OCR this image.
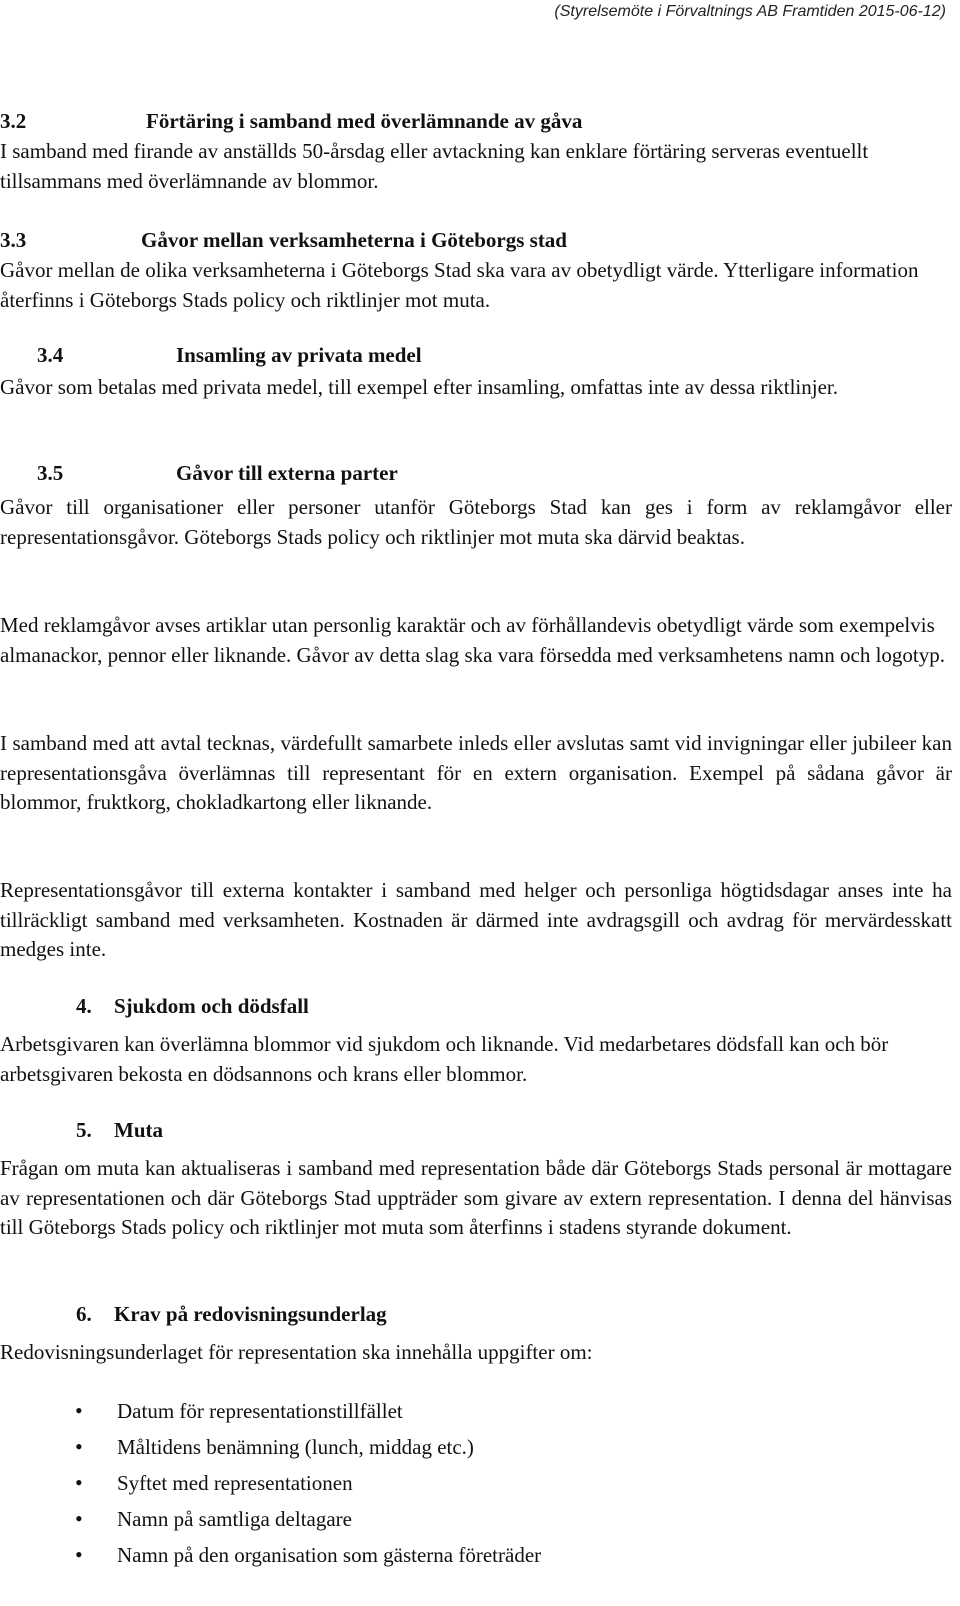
(Styrelsemöte i Förvaltnings AB Framtiden 2015-06-12)
3.2	Förtäring i samband med överlämnande av gåva

I samband med firande av anställds 50-årsdag eller avtackning kan enklare förtäring serveras eventuellt tillsammans med överlämnande av blommor.

3.3	Gåvor mellan verksamheterna i Göteborgs stad

Gåvor mellan de olika verksamheterna i Göteborgs Stad ska vara av obetydligt värde. Ytterligare information återfinns i Göteborgs Stads policy och riktlinjer mot muta.

3.4	Insamling av privata medel

Gåvor som betalas med privata medel, till exempel efter insamling, omfattas inte av dessa riktlinjer.

3.5	Gåvor till externa parter

Gåvor till organisationer eller personer utanför Göteborgs Stad kan ges i form av reklamgåvor eller representationsgåvor. Göteborgs Stads policy och riktlinjer mot muta ska därvid beaktas.

Med reklamgåvor avses artiklar utan personlig karaktär och av förhållandevis obetydligt värde som exempelvis almanackor, pennor eller liknande. Gåvor av detta slag ska vara försedda med verksamhetens namn och logotyp.

I samband med att avtal tecknas, värdefullt samarbete inleds eller avslutas samt vid invigningar eller jubileer kan representationsgåva överlämnas till representant för en extern organisation. Exempel på sådana gåvor är blommor, fruktkorg, chokladkartong eller liknande.

Representationsgåvor till externa kontakter i samband med helger och personliga högtidsdagar anses inte ha tillräckligt samband med verksamheten. Kostnaden är därmed inte avdragsgill och avdrag för mervärdesskatt medges inte.

4. Sjukdom och dödsfall

Arbetsgivaren kan överlämna blommor vid sjukdom och liknande. Vid medarbetares dödsfall kan och bör arbetsgivaren bekosta en dödsannons och krans eller blommor.

5. Muta

Frågan om muta kan aktualiseras i samband med representation både där Göteborgs Stads personal är mottagare av representationen och där Göteborgs Stad uppträder som givare av extern representation. I denna del hänvisas till Göteborgs Stads policy och riktlinjer mot muta som återfinns i stadens styrande dokument.

6. Krav på redovisningsunderlag

Redovisningsunderlaget för representation ska innehålla uppgifter om:

• Datum för representationstillfället
• Måltidens benämning (lunch, middag etc.)
• Syftet med representationen
• Namn på samtliga deltagare
• Namn på den organisation som gästerna företräder
